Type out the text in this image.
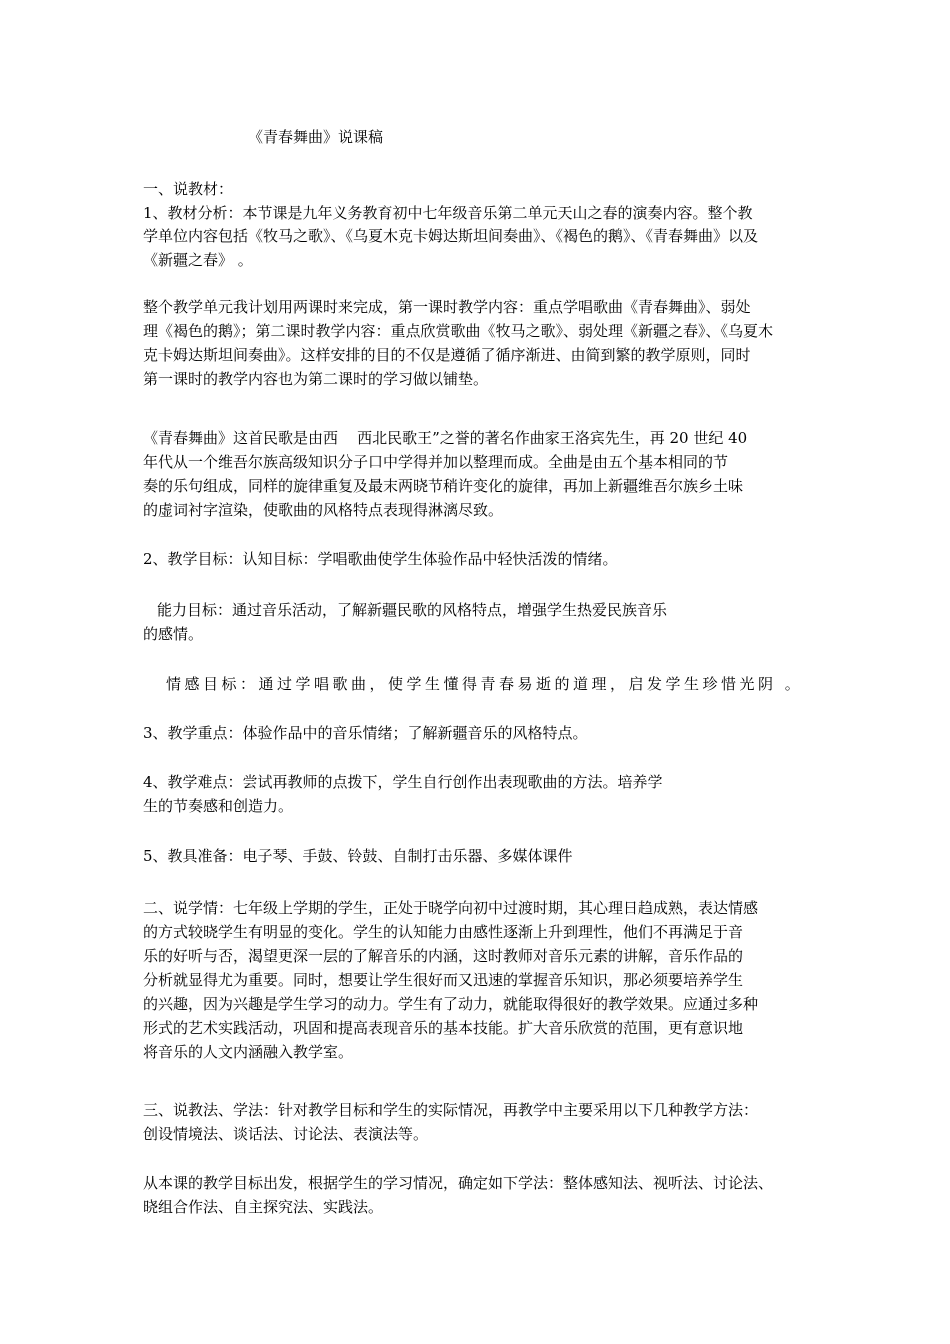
《青春舞曲》说课稿
一、说教材：
1、教材分析：本节课是九年义务教育初中七年级音乐第二单元天山之春的演奏内容。整个教
学单位内容包括《牧马之歌》、《乌夏木克卡姆达斯坦间奏曲》、《褐色的鹅》、《青春舞曲》以及
《新疆之春》 。
整个教学单元我计划用两课时来完成，第一课时教学内容：重点学唱歌曲《青春舞曲》、弱处
理《褐色的鹅》；第二课时教学内容：重点欣赏歌曲《牧马之歌》、弱处理《新疆之春》、《乌夏木
克卡姆达斯坦间奏曲》。这样安排的目的不仅是遵循了循序渐进、由简到繁的教学原则，同时
第一课时的教学内容也为第二课时的学习做以铺垫。
《青春舞曲》这首民歌是由西    西北民歌王”之誉的著名作曲家王洛宾先生，再 20 世纪 40
年代从一个维吾尔族高级知识分子口中学得并加以整理而成。全曲是由五个基本相同的节
奏的乐句组成，同样的旋律重复及最末两晓节稍许变化的旋律，再加上新疆维吾尔族乡土味
的虚词衬字渲染，使歌曲的风格特点表现得淋漓尽致。
2、教学目标：认知目标：学唱歌曲使学生体验作品中轻快活泼的情绪。
能力目标：通过音乐活动，了解新疆民歌的风格特点，增强学生热爱民族音乐
的感情。
情感目标：通过学唱歌曲，使学生懂得青春易逝的道理，启发学生珍惜光阴 。
3、教学重点：体验作品中的音乐情绪；了解新疆音乐的风格特点。
4、教学难点：尝试再教师的点拨下，学生自行创作出表现歌曲的方法。培养学
生的节奏感和创造力。
5、教具准备：电子琴、手鼓、铃鼓、自制打击乐器、多媒体课件
二、说学情：七年级上学期的学生，正处于晓学向初中过渡时期，其心理日趋成熟，表达情感
的方式较晓学生有明显的变化。学生的认知能力由感性逐渐上升到理性，他们不再满足于音
乐的好听与否，渴望更深一层的了解音乐的内涵，这时教师对音乐元素的讲解，音乐作品的
分析就显得尤为重要。同时，想要让学生很好而又迅速的掌握音乐知识，那必须要培养学生
的兴趣，因为兴趣是学生学习的动力。学生有了动力，就能取得很好的教学效果。应通过多种
形式的艺术实践活动，巩固和提高表现音乐的基本技能。扩大音乐欣赏的范围，更有意识地
将音乐的人文内涵融入教学室。
三、说教法、学法：针对教学目标和学生的实际情况，再教学中主要采用以下几种教学方法：
创设情境法、谈话法、讨论法、表演法等。
从本课的教学目标出发，根据学生的学习情况，确定如下学法：整体感知法、视听法、讨论法、
晓组合作法、自主探究法、实践法。
